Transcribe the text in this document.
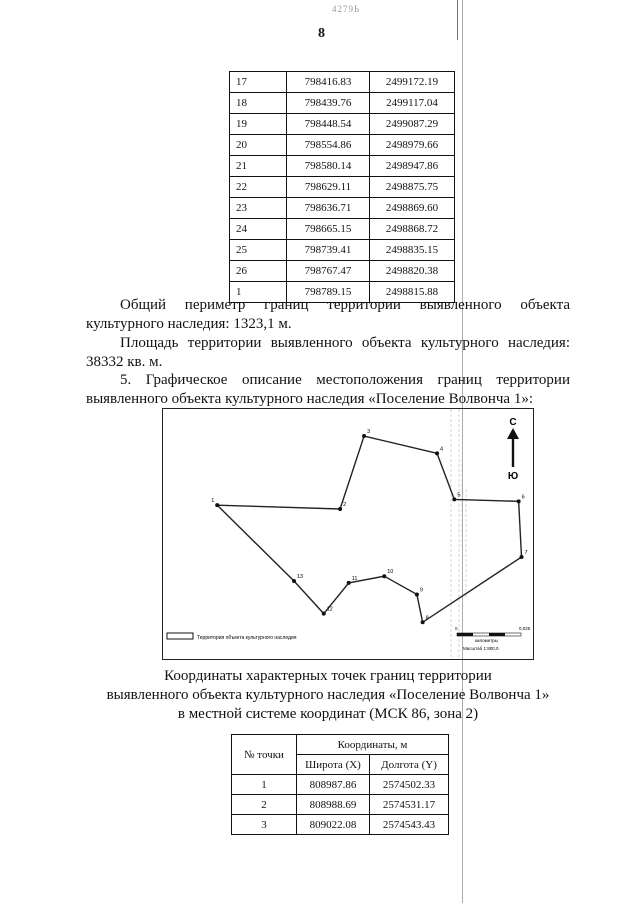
4279Ь
8
17	798416.83	2499172.19
18	798439.76	2499117.04
19	798448.54	2499087.29
20	798554.86	2498979.66
21	798580.14	2498947.86
22	798629.11	2498875.75
23	798636.71	2498869.60
24	798665.15	2498868.72
25	798739.41	2498835.15
26	798767.47	2498820.38
1	798789.15	2498815.88

Общий периметр границ территории выявленного объекта

культурного наследия: 1323,1 м.

Площадь территории выявленного объекта культурного наследия:

38332 кв. м.

5. Графическое описание местоположения границ территории

выявленного объекта культурного наследия «Поселение Волвонча 1»:

1
2
3
4
5	6
7
8
9
10
11
12
13
С
Ю
Территория объекта культурного наследия
0	0,025
километры
Масштаб 1:800,0
Координаты характерных точек границ территории
выявленного объекта культурного наследия «Поселение Волвонча 1»
в местной системе координат (МСК 86, зона 2)
№ точки	Координаты, м	
	Широта (X)	Долгота (Y)
1	808987.86	2574502.33
2	808988.69	2574531.17
3	809022.08	2574543.43
